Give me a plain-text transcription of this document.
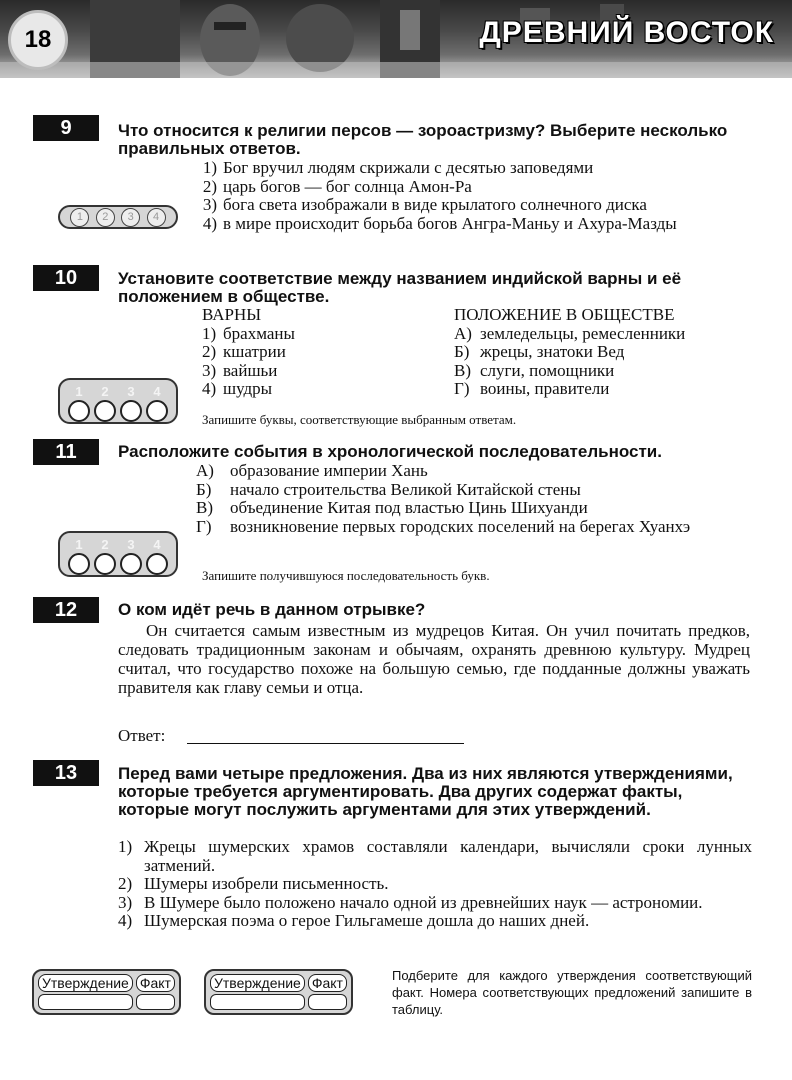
18	ДРЕВНИЙ ВОСТОК
9	Что относится к религии персов — зороастризму? Выберите несколько правильных ответов.
1) Бог вручил людям скрижали с десятью заповедями
2) царь богов — бог солнца Амон-Ра
3) бога света изображали в виде крылатого солнечного диска
4) в мире происходит борьба богов Ангра-Маньу и Ахура-Мазды
1	2	3	4
10	Установите соответствие между названием индийской варны и её положением в обществе.
ВАРНЫ
1) брахманы
2) кшатрии
3) вайшьи
4) шудры
ПОЛОЖЕНИЕ В ОБЩЕСТВЕ
А) земледельцы, ремесленники
Б) жрецы, знатоки Вед
В) слуги, помощники
Г) воины, правители
1	2	3	4
Запишите буквы, соответствующие выбранным ответам.
11	Расположите события в хронологической последовательности.
А) образование империи Хань
Б)	начало строительства Великой Китайской стены
В)	объединение Китая под властью Цинь Шихуанди
Г)	возникновение первых городских поселений на берегах Хуанхэ
1	2	3	4
Запишите получившуюся последовательность букв.
12	О ком идёт речь в данном отрывке?
Он считается самым известным из мудрецов Китая. Он учил почитать предков, следовать традиционным законам и обычаям, охранять древнюю культуру. Мудрец считал, что государство похоже на большую семью, где подданные должны уважать правителя как главу семьи и отца.
Ответ:
13	Перед вами четыре предложения. Два из них являются утверждениями, которые требуется аргументировать. Два других содержат факты, которые могут послужить аргументами для этих утверждений.
1) Жрецы шумерских храмов составляли календари, вычисляли сроки лунных затмений.
2) Шумеры изобрели письменность.
3) В Шумере было положено начало одной из древнейших наук — астрономии.
4) Шумерская поэма о герое Гильгамеше дошла до наших дней.
Утверждение Факт	Утверждение Факт	Подберите для каждого утверждения соответствующий факт. Номера соответствующих предложений запишите в таблицу.
